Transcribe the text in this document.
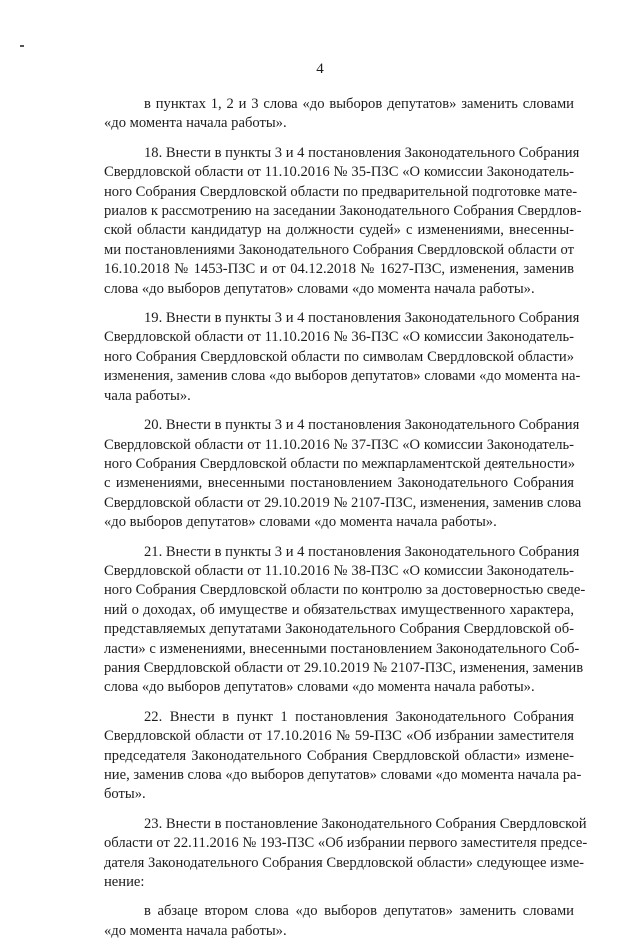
4
в пунктах 1, 2 и 3 слова «до выборов депутатов» заменить словами
«до момента начала работы».
18. Внести в пункты 3 и 4 постановления Законодательного Собрания
Свердловской области от 11.10.2016 № 35-ПЗС «О комиссии Законодатель-
ного Собрания Свердловской области по предварительной подготовке мате-
риалов к рассмотрению на заседании Законодательного Собрания Свердлов-
ской области кандидатур на должности судей» с изменениями, внесенны-
ми постановлениями Законодательного Собрания Свердловской области от
16.10.2018 № 1453-ПЗС и от 04.12.2018 № 1627-ПЗС, изменения, заменив
слова «до выборов депутатов» словами «до момента начала работы».
19. Внести в пункты 3 и 4 постановления Законодательного Собрания
Свердловской области от 11.10.2016 № 36-ПЗС «О комиссии Законодатель-
ного Собрания Свердловской области по символам Свердловской области»
изменения, заменив слова «до выборов депутатов» словами «до момента на-
чала работы».
20. Внести в пункты 3 и 4 постановления Законодательного Собрания
Свердловской области от 11.10.2016 № 37-ПЗС «О комиссии Законодатель-
ного Собрания Свердловской области по межпарламентской деятельности»
с изменениями, внесенными постановлением Законодательного Собрания
Свердловской области от 29.10.2019 № 2107-ПЗС, изменения, заменив слова
«до выборов депутатов» словами «до момента начала работы».
21. Внести в пункты 3 и 4 постановления Законодательного Собрания
Свердловской области от 11.10.2016 № 38-ПЗС «О комиссии Законодатель-
ного Собрания Свердловской области по контролю за достоверностью сведе-
ний о доходах, об имуществе и обязательствах имущественного характера,
представляемых депутатами Законодательного Собрания Свердловской об-
ласти» с изменениями, внесенными постановлением Законодательного Соб-
рания Свердловской области от 29.10.2019 № 2107-ПЗС, изменения, заменив
слова «до выборов депутатов» словами «до момента начала работы».
22. Внести в пункт 1 постановления Законодательного Собрания
Свердловской области от 17.10.2016 № 59-ПЗС «Об избрании заместителя
председателя Законодательного Собрания Свердловской области» измене-
ние, заменив слова «до выборов депутатов» словами «до момента начала ра-
боты».
23. Внести в постановление Законодательного Собрания Свердловской
области от 22.11.2016 № 193-ПЗС «Об избрании первого заместителя предсе-
дателя Законодательного Собрания Свердловской области» следующее изме-
нение:
в абзаце втором слова «до выборов депутатов» заменить словами
«до момента начала работы».
